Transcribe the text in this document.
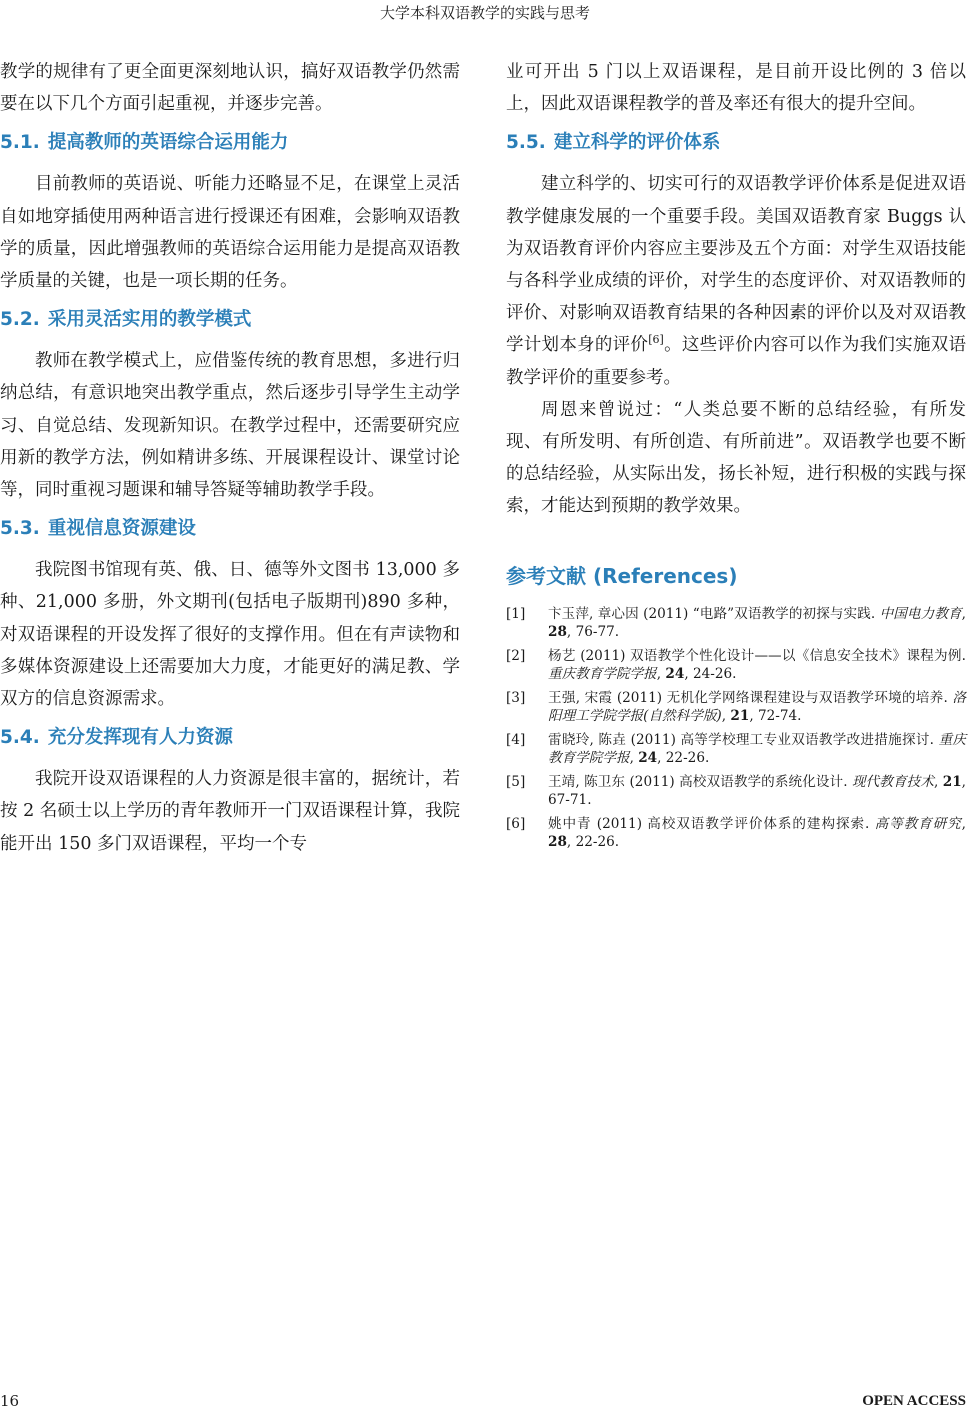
大学本科双语教学的实践与思考

教学的规律有了更全面更深刻地认识，搞好双语教学仍然需要在以下几个方面引起重视，并逐步完善。

5.1. 提高教师的英语综合运用能力

目前教师的英语说、听能力还略显不足，在课堂上灵活自如地穿插使用两种语言进行授课还有困难，会影响双语教学的质量，因此增强教师的英语综合运用能力是提高双语教学质量的关键，也是一项长期的任务。

5.2. 采用灵活实用的教学模式

教师在教学模式上，应借鉴传统的教育思想，多进行归纳总结，有意识地突出教学重点，然后逐步引导学生主动学习、自觉总结、发现新知识。在教学过程中，还需要研究应用新的教学方法，例如精讲多练、开展课程设计、课堂讨论等，同时重视习题课和辅导答疑等辅助教学手段。

5.3. 重视信息资源建设

我院图书馆现有英、俄、日、德等外文图书 13,000 多种、21,000 多册，外文期刊(包括电子版期刊)890 多种，对双语课程的开设发挥了很好的支撑作用。但在有声读物和多媒体资源建设上还需要加大力度，才能更好的满足教、学双方的信息资源需求。

5.4. 充分发挥现有人力资源

我院开设双语课程的人力资源是很丰富的，据统计，若按 2 名硕士以上学历的青年教师开一门双语课程计算，我院能开出 150 多门双语课程，平均一个专

业可开出 5 门以上双语课程，是目前开设比例的 3 倍以上，因此双语课程教学的普及率还有很大的提升空间。

5.5. 建立科学的评价体系

建立科学的、切实可行的双语教学评价体系是促进双语教学健康发展的一个重要手段。美国双语教育家 Buggs 认为双语教育评价内容应主要涉及五个方面：对学生双语技能与各科学业成绩的评价，对学生的态度评价、对双语教师的评价、对影响双语教育结果的各种因素的评价以及对双语教学计划本身的评价[6]。这些评价内容可以作为我们实施双语教学评价的重要参考。

周恩来曾说过：“人类总要不断的总结经验，有所发现、有所发明、有所创造、有所前进”。双语教学也要不断的总结经验，从实际出发，扬长补短，进行积极的实践与探索，才能达到预期的教学效果。

参考文献 (References)
[1] 卞玉萍, 章心因 (2011) “电路”双语教学的初探与实践. 中国电力教育, 28, 76-77.
[2] 杨艺 (2011) 双语教学个性化设计——以《信息安全技术》课程为例. 重庆教育学院学报, 24, 24-26.
[3] 王强, 宋霞 (2011) 无机化学网络课程建设与双语教学环境的培养. 洛阳理工学院学报(自然科学版), 21, 72-74.
[4] 雷晓玲, 陈垚 (2011) 高等学校理工专业双语教学改进措施探讨. 重庆教育学院学报, 24, 22-26.
[5] 王靖, 陈卫东 (2011) 高校双语教学的系统化设计. 现代教育技术, 21, 67-71.
[6] 姚中青 (2011) 高校双语教学评价体系的建构探索. 高等教育研究, 28, 22-26.
16	OPEN ACCESS
